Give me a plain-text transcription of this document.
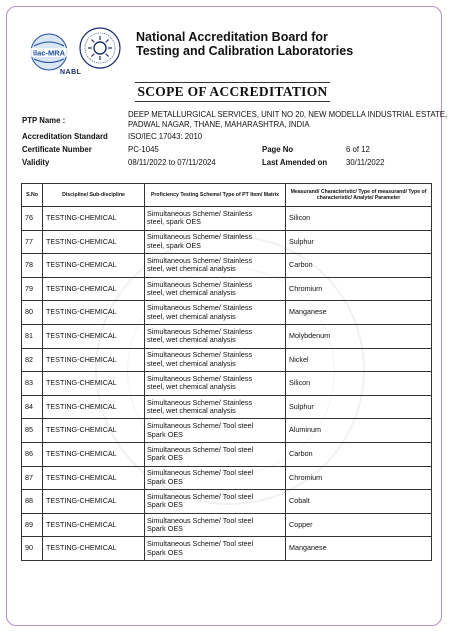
ilac-MRA
NABL
National Accreditation Board for
Testing and Calibration Laboratories
SCOPE OF ACCREDITATION
PTP Name :
DEEP METALLURGICAL SERVICES, UNIT NO 20, NEW MODELLA INDUSTRIAL ESTATE,
PADWAL NAGAR, THANE, MAHARASHTRA, INDIA
Accreditation Standard	ISO/IEC 17043: 2010
Certificate Number	PC-1045	Page No	6 of 12
Validity	08/11/2022 to 07/11/2024	Last Amended on 30/11/2022
S.No	Discipline/ Sub-discipline	Proficiency Testing Scheme/ Type of PT Item/ Matrix	Measurand/ Characteristic/ Type of measurand/ Type of characteristic/ Analyte/ Parameter
76	TESTING-CHEMICAL	Simultaneous Scheme/ Stainless
steel, spark OES	Silicon
77	TESTING-CHEMICAL	Simultaneous Scheme/ Stainless
steel, spark OES	Sulphur
78	TESTING-CHEMICAL	Simultaneous Scheme/ Stainless
steel, wet chemical analysis	Carbon
79	TESTING-CHEMICAL	Simultaneous Scheme/ Stainless
steel, wet chemical analysis	Chromium
80	TESTING-CHEMICAL	Simultaneous Scheme/ Stainless
steel, wet chemical analysis	Manganese
81	TESTING-CHEMICAL	Simultaneous Scheme/ Stainless
steel, wet chemical analysis	Molybdenum
82	TESTING-CHEMICAL	Simultaneous Scheme/ Stainless
steel, wet chemical analysis	Nickel
83	TESTING-CHEMICAL	Simultaneous Scheme/ Stainless
steel, wet chemical analysis	Silicon
84	TESTING-CHEMICAL	Simultaneous Scheme/ Stainless
steel, wet chemical analysis	Sulphur
85	TESTING-CHEMICAL	Simultaneous Scheme/ Tool steel
Spark OES	Aluminum
86	TESTING-CHEMICAL	Simultaneous Scheme/ Tool steel
Spark OES	Carbon
87	TESTING-CHEMICAL	Simultaneous Scheme/ Tool steel
Spark OES	Chromium
88	TESTING-CHEMICAL	Simultaneous Scheme/ Tool steel
Spark OES	Cobalt
89	TESTING-CHEMICAL	Simultaneous Scheme/ Tool steel
Spark OES	Copper
90	TESTING-CHEMICAL	Simultaneous Scheme/ Tool steel
Spark OES	Manganese
